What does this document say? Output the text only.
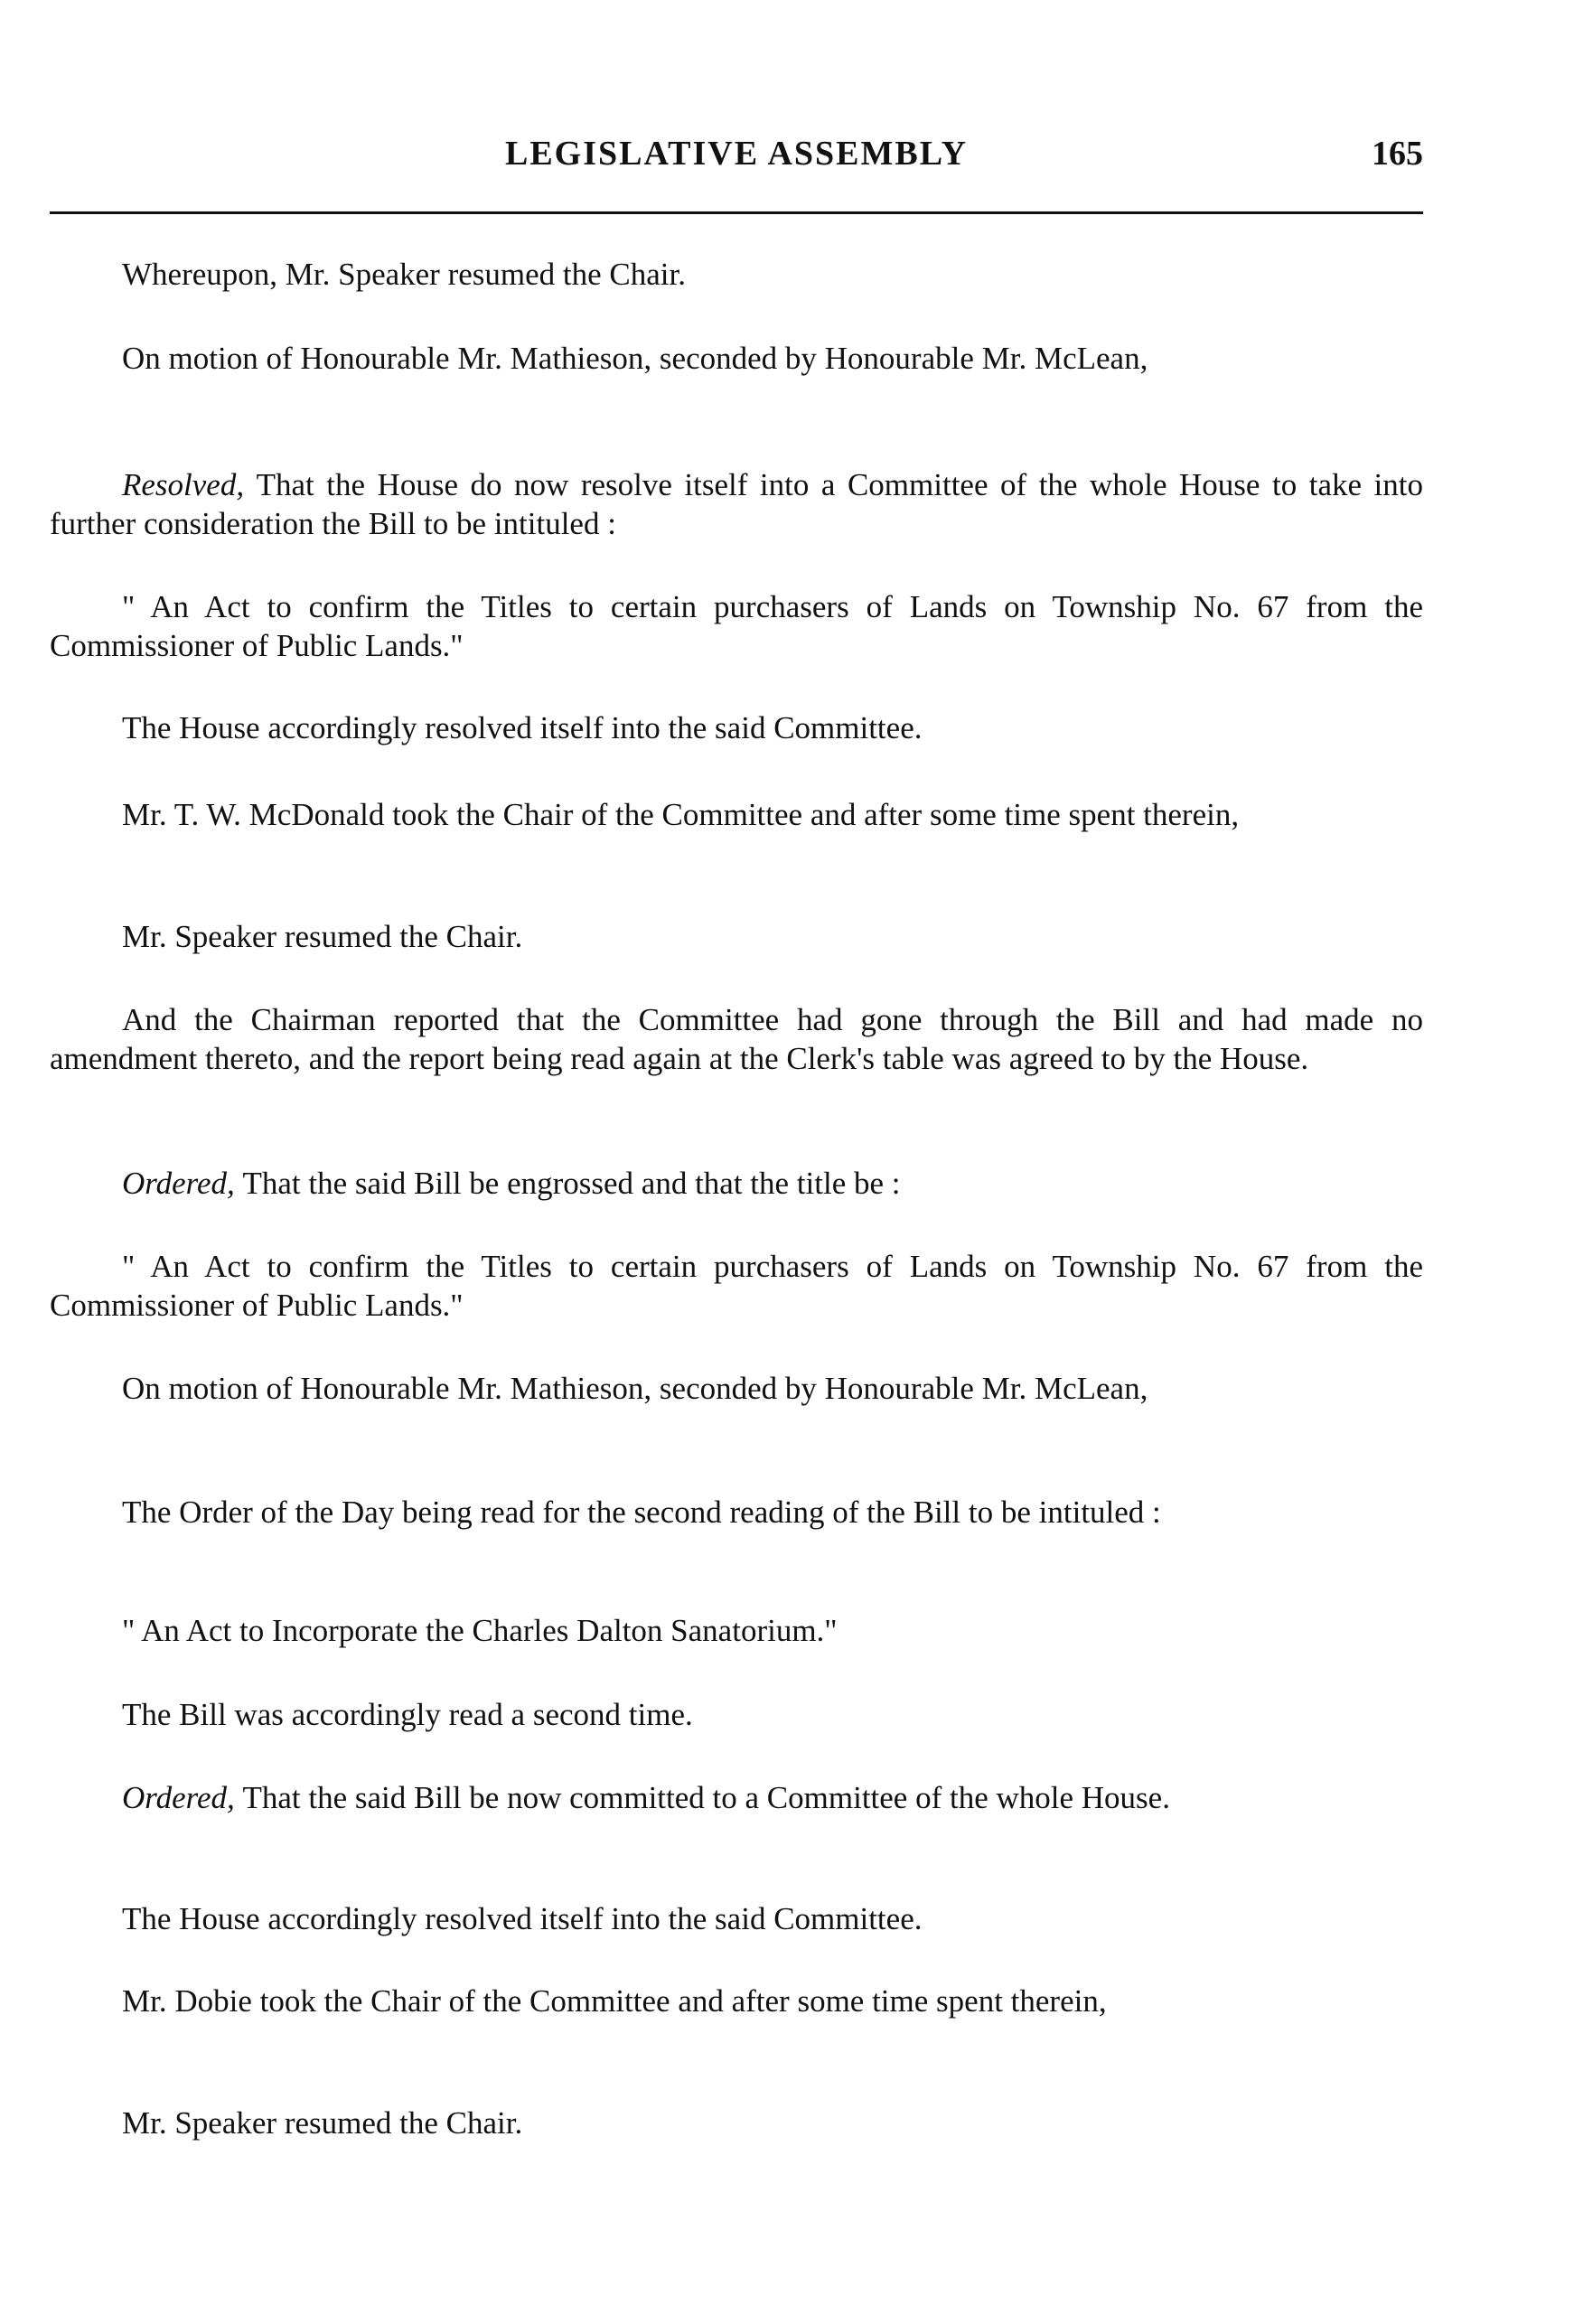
LEGISLATIVE ASSEMBLY	165
Whereupon, Mr. Speaker resumed the Chair.
On motion of Honourable Mr. Mathieson, seconded by Honourable Mr. McLean,
Resolved, That the House do now resolve itself into a Committee of the whole House to take into further consideration the Bill to be intituled :
" An Act to confirm the Titles to certain purchasers of Lands on Township No. 67 from the Commissioner of Public Lands."
The House accordingly resolved itself into the said Committee.
Mr. T. W. McDonald took the Chair of the Committee and after some time spent therein,
Mr. Speaker resumed the Chair.
And the Chairman reported that the Committee had gone through the Bill and had made no amendment thereto, and the report being read again at the Clerk's table was agreed to by the House.
Ordered, That the said Bill be engrossed and that the title be :
" An Act to confirm the Titles to certain purchasers of Lands on Township No. 67 from the Commissioner of Public Lands."
On motion of Honourable Mr. Mathieson, seconded by Honourable Mr. McLean,
The Order of the Day being read for the second reading of the Bill to be intituled :
" An Act to Incorporate the Charles Dalton Sanatorium."
The Bill was accordingly read a second time.
Ordered, That the said Bill be now committed to a Committee of the whole House.
The House accordingly resolved itself into the said Committee.
Mr. Dobie took the Chair of the Committee and after some time spent therein,
Mr. Speaker resumed the Chair.
